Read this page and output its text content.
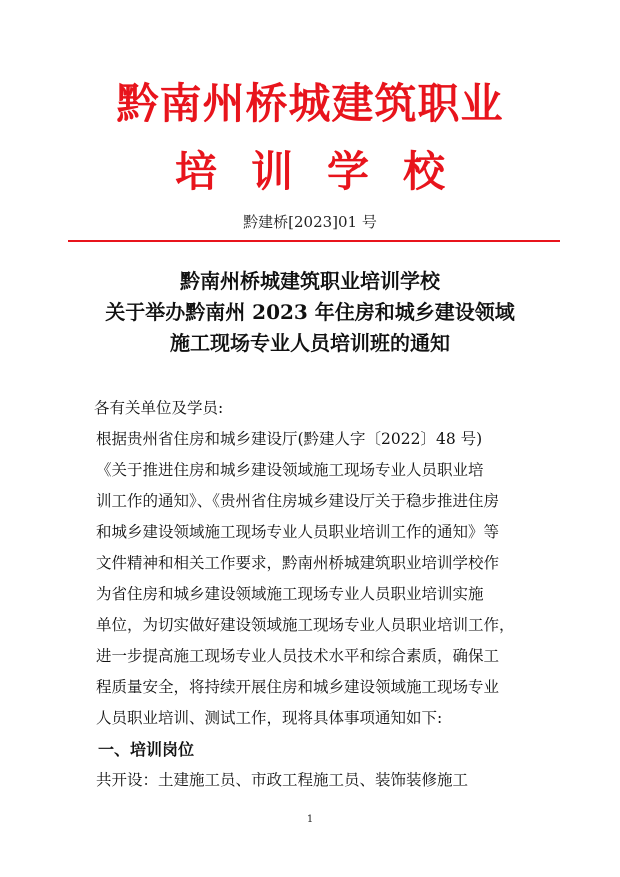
黔南州桥城建筑职业
培训学校
黔建桥[2023]01 号
黔南州桥城建筑职业培训学校
关于举办黔南州 2023 年住房和城乡建设领域
施工现场专业人员培训班的通知
各有关单位及学员:
根据贵州省住房和城乡建设厅(黔建人字〔2022〕48 号)
《关于推进住房和城乡建设领域施工现场专业人员职业培
训工作的通知》、《贵州省住房城乡建设厅关于稳步推进住房
和城乡建设领域施工现场专业人员职业培训工作的通知》等
文件精神和相关工作要求，黔南州桥城建筑职业培训学校作
为省住房和城乡建设领域施工现场专业人员职业培训实施
单位，为切实做好建设领域施工现场专业人员职业培训工作，
进一步提高施工现场专业人员技术水平和综合素质，确保工
程质量安全，将持续开展住房和城乡建设领域施工现场专业
人员职业培训、测试工作，现将具体事项通知如下:
一、培训岗位
共开设：土建施工员、市政工程施工员、装饰装修施工
1
